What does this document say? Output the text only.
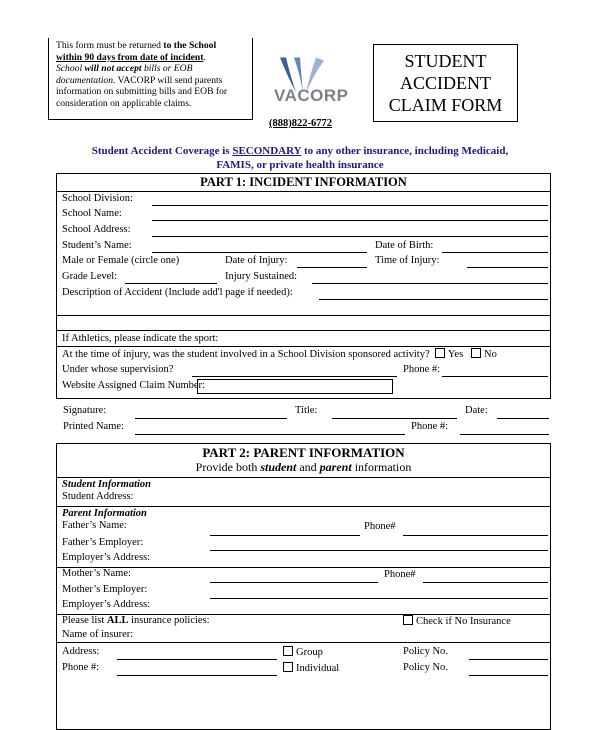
This form must be returned to the School
within 90 days from date of incident.
School will not accept bills or EOB
documentation. VACORP will send parents
information on submitting bills and EOB for
consideration on applicable claims.	VACORP
(888)822-6772
STUDENT
ACCIDENT
CLAIM FORM
Student Accident Coverage is SECONDARY to any other insurance, including Medicaid,
FAMIS, or private health insurance
PART 1: INCIDENT INFORMATION
School Division:
School Name:
School Address:
Student’s Name:	Date of Birth:
Male or Female (circle one)	Date of Injury:	Time of Injury:
Grade Level:	Injury Sustained:
Description of Accident (Include add'l page if needed):
If Athletics, please indicate the sport:
At the time of injury, was the student involved in a School Division sponsored activity? Yes No
Under whose supervision?	Phone #:
Website Assigned Claim Number:
Signature:	Title:	Date:
Printed Name:	Phone #:
PART 2: PARENT INFORMATION
Provide both student and parent information
Student Information
Student Address:
Parent Information
Father’s Name:	Phone#
Father’s Employer:
Employer’s Address:
Mother’s Name:	Phone#
Mother’s Employer:
Employer’s Address:
Please list ALL insurance policies:	Check if No Insurance
Name of insurer:
Address:	Group	Policy No.
Phone #:	Individual	Policy No.
